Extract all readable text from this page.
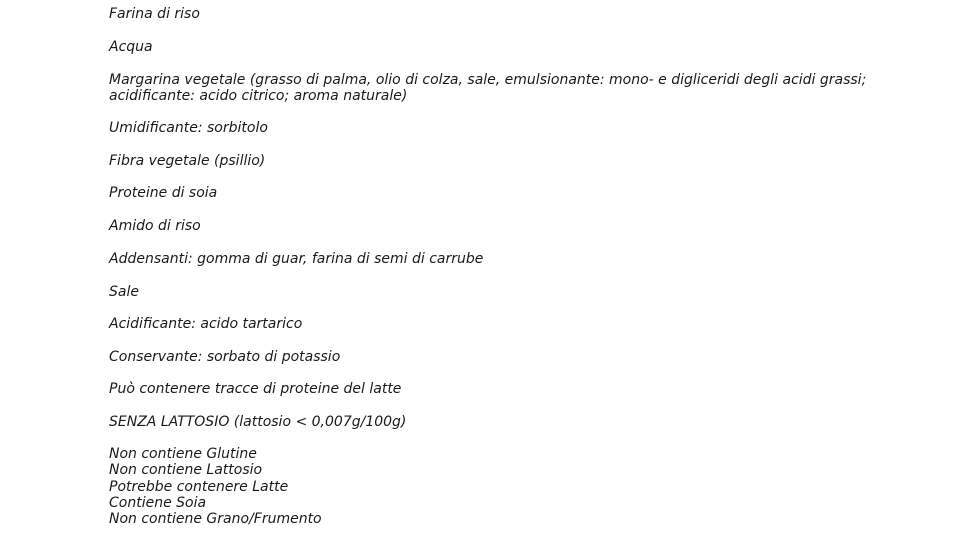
Farina di riso
Acqua
Margarina vegetale (grasso di palma, olio di colza, sale, emulsionante: mono- e digliceridi degli acidi grassi; acidificante: acido citrico; aroma naturale)
Umidificante: sorbitolo
Fibra vegetale (psillio)
Proteine di soia
Amido di riso
Addensanti: gomma di guar, farina di semi di carrube
Sale
Acidificante: acido tartarico
Conservante: sorbato di potassio
Può contenere tracce di proteine del latte
SENZA LATTOSIO (lattosio < 0,007g/100g)
Non contiene Glutine
Non contiene Lattosio
Potrebbe contenere Latte
Contiene Soia
Non contiene Grano/Frumento
